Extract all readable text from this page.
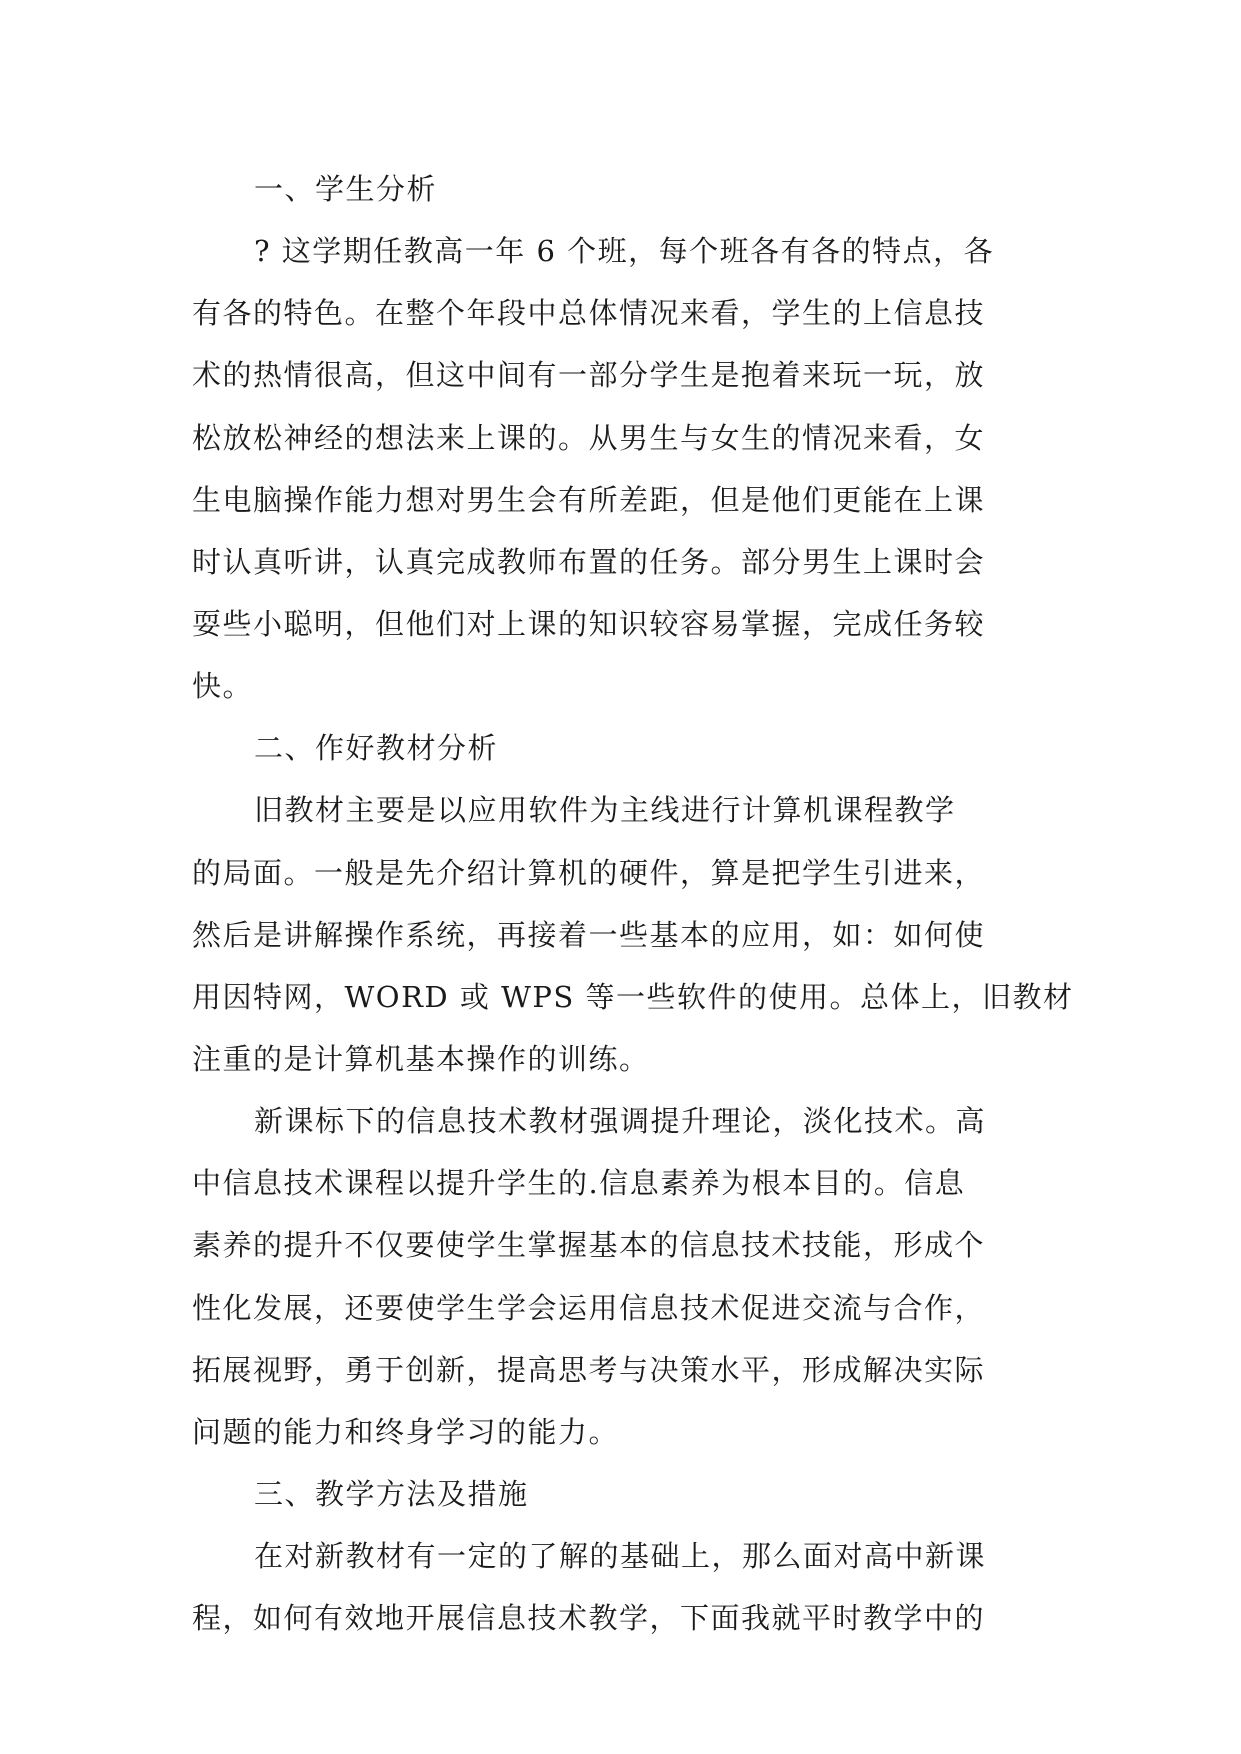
一、学生分析
? 这学期任教高一年 6 个班，每个班各有各的特点，各
有各的特色。在整个年段中总体情况来看，学生的上信息技
术的热情很高，但这中间有一部分学生是抱着来玩一玩，放
松放松神经的想法来上课的。从男生与女生的情况来看，女
生电脑操作能力想对男生会有所差距，但是他们更能在上课
时认真听讲，认真完成教师布置的任务。部分男生上课时会
耍些小聪明，但他们对上课的知识较容易掌握，完成任务较
快。
二、作好教材分析
旧教材主要是以应用软件为主线进行计算机课程教学
的局面。一般是先介绍计算机的硬件，算是把学生引进来，
然后是讲解操作系统，再接着一些基本的应用，如：如何使
用因特网，WORD 或 WPS 等一些软件的使用。总体上，旧教材
注重的是计算机基本操作的训练。
新课标下的信息技术教材强调提升理论，淡化技术。高
中信息技术课程以提升学生的.信息素养为根本目的。信息
素养的提升不仅要使学生掌握基本的信息技术技能，形成个
性化发展，还要使学生学会运用信息技术促进交流与合作，
拓展视野，勇于创新，提高思考与决策水平，形成解决实际
问题的能力和终身学习的能力。
三、教学方法及措施
在对新教材有一定的了解的基础上，那么面对高中新课
程，如何有效地开展信息技术教学，下面我就平时教学中的
